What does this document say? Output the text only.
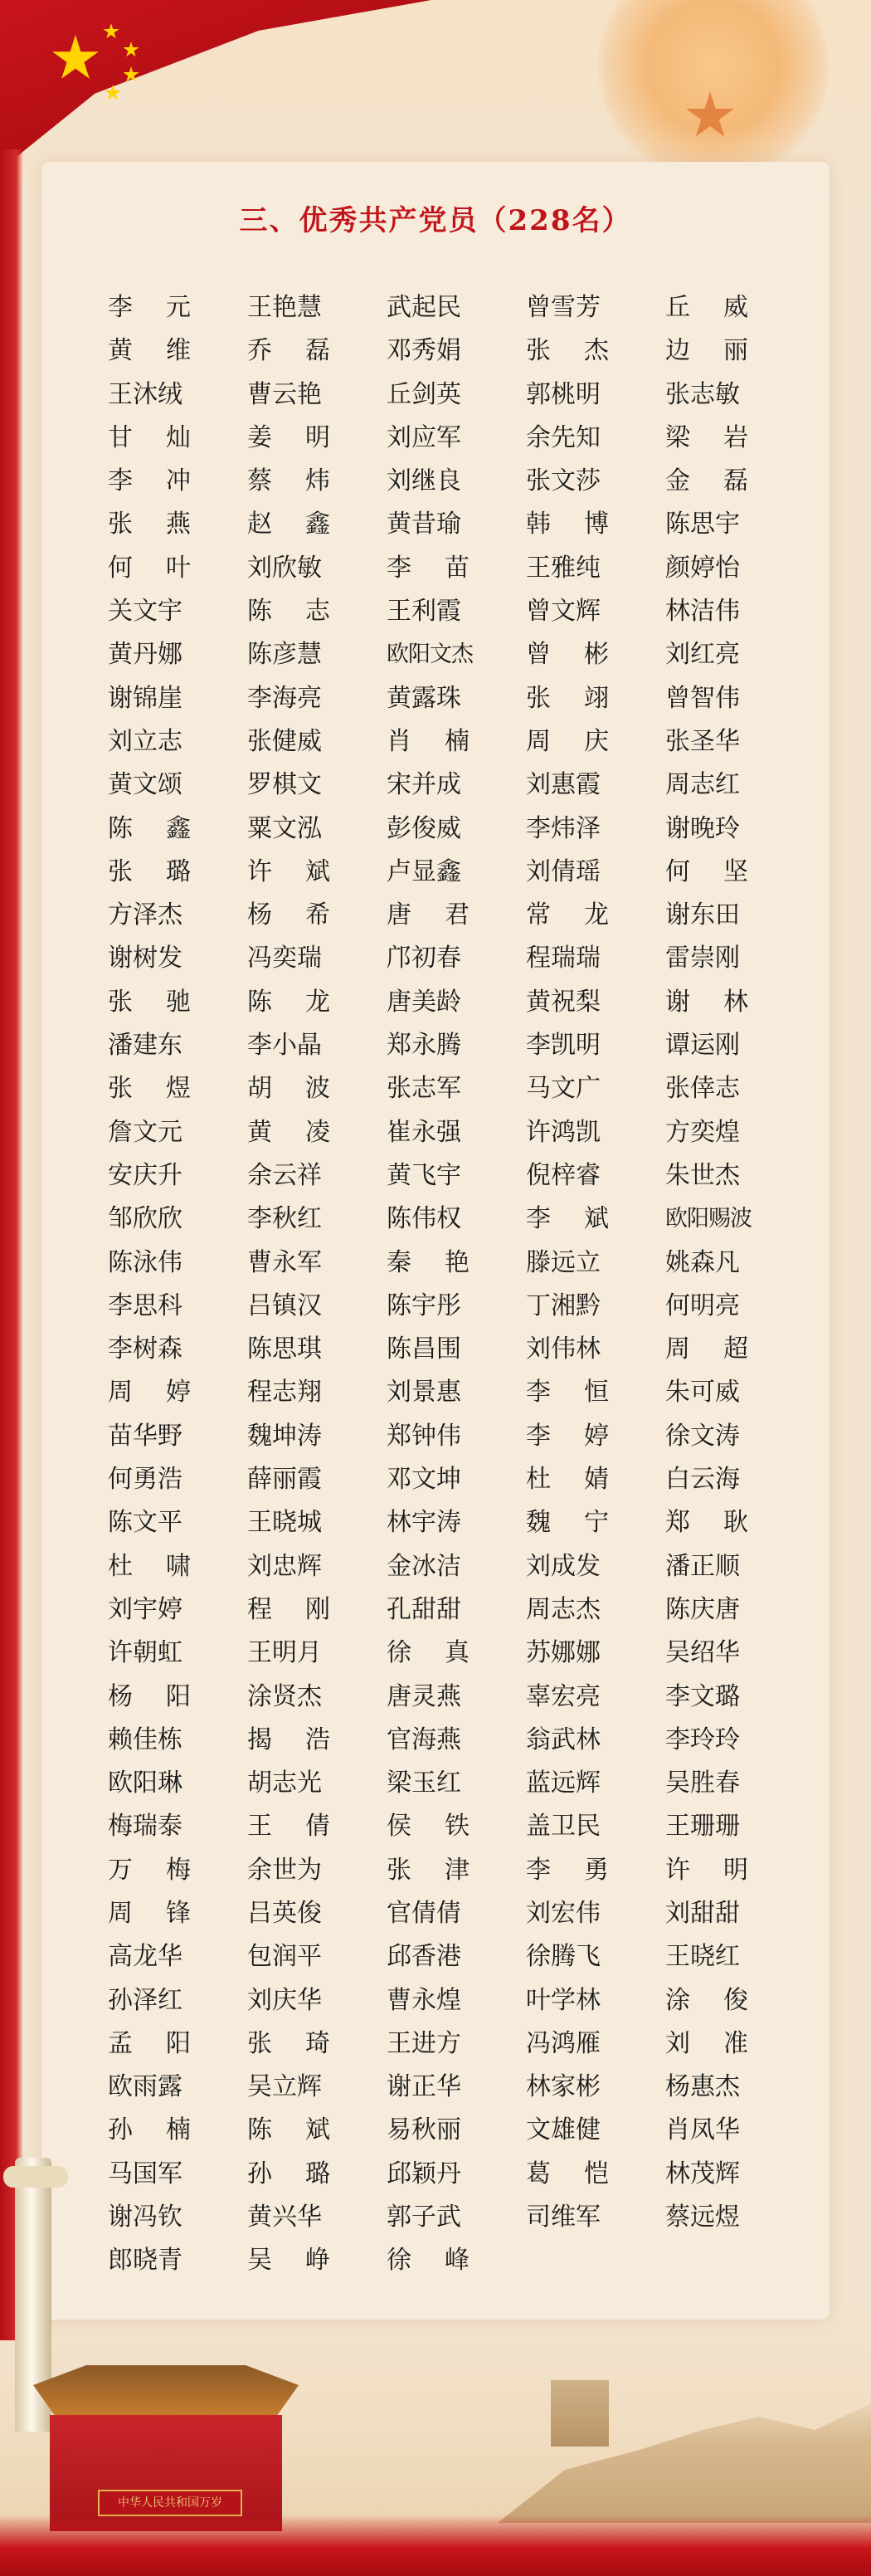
三、优秀共产党员（228名）
李元 王艳慧	武起民	曾雪芳	丘威
黄维 乔磊 邓秀娟	张杰 边丽
王沐绒	曹云艳	丘剑英	郭桃明	张志敏
甘灿 姜明 刘应军	余先知	梁岩
李冲 蔡炜 刘继良	张文莎	金磊
张燕 赵鑫 黄昔瑜	韩博 陈思宇
何叶 刘欣敏	李苗 王雅纯	颜婷怡
关文宇	陈志 王利霞	曾文辉	林洁伟
黄丹娜	陈彦慧	欧阳文杰	曾彬 刘红亮
谢锦崖	李海亮	黄露珠	张翊 曾智伟
刘立志	张健威	肖楠 周庆 张圣华
黄文颂	罗棋文	宋并成	刘惠霞	周志红
陈鑫 粟文泓	彭俊威	李炜泽	谢晚玲
张璐 许斌 卢显鑫	刘倩瑶	何坚
方泽杰	杨希 唐君 常龙 谢东田
谢树发	冯奕瑞	邝初春	程瑞瑞	雷崇刚
张驰 陈龙 唐美龄	黄祝梨	谢林
潘建东	李小晶	郑永腾	李凯明	谭运刚
张煜 胡波 张志军	马文广	张倖志
詹文元	黄凌 崔永强	许鸿凯	方奕煌
安庆升	余云祥	黄飞宇	倪梓睿	朱世杰
邹欣欣	李秋红	陈伟权	李斌	欧阳赐波
陈泳伟	曹永军	秦艳 滕远立	姚森凡
李思科	吕镇汉	陈宇彤	丁湘黔	何明亮
李树森	陈思琪	陈昌围	刘伟林	周超
周婷 程志翔	刘景惠	李恒 朱可威
苗华野	魏坤涛	郑钟伟	李婷 徐文涛
何勇浩	薛丽霞	邓文坤	杜婧 白云海
陈文平	王晓城	林宇涛	魏宁 郑耿
杜啸 刘忠辉	金冰洁	刘成发	潘正顺
刘宇婷	程刚 孔甜甜	周志杰	陈庆唐
许朝虹	王明月	徐真 苏娜娜	吴绍华
杨阳 涂贤杰	唐灵燕	辜宏亮	李文璐
赖佳栋	揭浩 官海燕	翁武林	李玲玲
欧阳琳	胡志光	梁玉红	蓝远辉	吴胜春
梅瑞泰	王倩 侯铁 盖卫民	王珊珊
万梅 余世为	张津 李勇 许明
周锋 吕英俊	官倩倩	刘宏伟	刘甜甜
高龙华	包润平	邱香港	徐腾飞	王晓红
孙泽红	刘庆华	曹永煌	叶学林	涂俊
孟阳 张琦 王进方	冯鸿雁	刘准
欧雨露	吴立辉	谢正华	林家彬	杨惠杰
孙楠 陈斌 易秋丽	文雄健	肖凤华
马国军	孙璐 邱颖丹	葛恺 林茂辉
谢冯钦	黄兴华	郭子武	司维军	蔡远煜
郎晓青	吴峥 徐峰
中华人民共和国万岁
